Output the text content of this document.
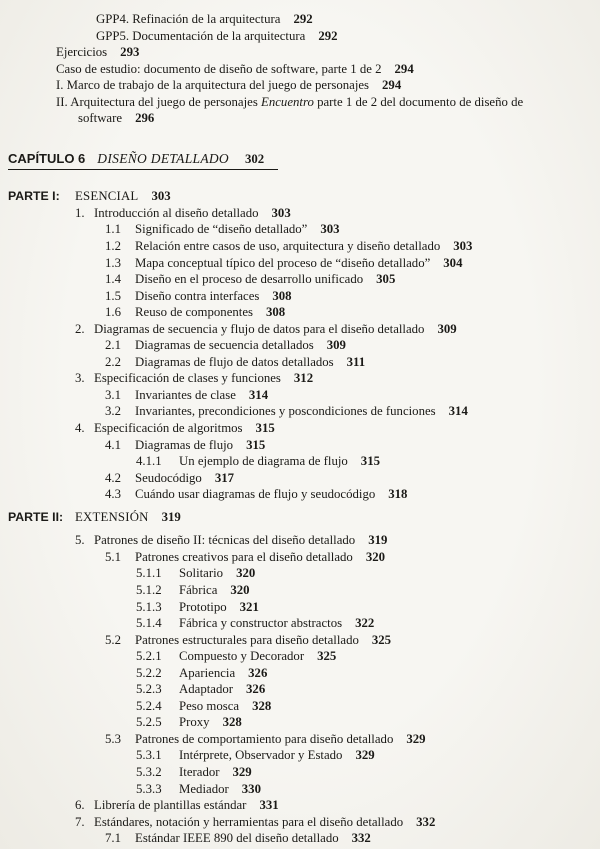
GPP4. Refinación de la arquitectura 292
GPP5. Documentación de la arquitectura 292
Ejercicios 293
Caso de estudio: documento de diseño de software, parte 1 de 2 294
I. Marco de trabajo de la arquitectura del juego de personajes 294
II. Arquitectura del juego de personajes Encuentro parte 1 de 2 del documento de diseño de software 296
CAPÍTULO 6 DISEÑO DETALLADO 302
PARTE I: ESENCIAL 303
1. Introducción al diseño detallado 303
1.1 Significado de “diseño detallado” 303
1.2 Relación entre casos de uso, arquitectura y diseño detallado 303
1.3 Mapa conceptual típico del proceso de “diseño detallado” 304
1.4 Diseño en el proceso de desarrollo unificado 305
1.5 Diseño contra interfaces 308
1.6 Reuso de componentes 308
2. Diagramas de secuencia y flujo de datos para el diseño detallado 309
2.1 Diagramas de secuencia detallados 309
2.2 Diagramas de flujo de datos detallados 311
3. Especificación de clases y funciones 312
3.1 Invariantes de clase 314
3.2 Invariantes, precondiciones y poscondiciones de funciones 314
4. Especificación de algoritmos 315
4.1 Diagramas de flujo 315
4.1.1 Un ejemplo de diagrama de flujo 315
4.2 Seudocódigo 317
4.3 Cuándo usar diagramas de flujo y seudocódigo 318
PARTE II: EXTENSIÓN 319
5. Patrones de diseño II: técnicas del diseño detallado 319
5.1 Patrones creativos para el diseño detallado 320
5.1.1 Solitario 320
5.1.2 Fábrica 320
5.1.3 Prototipo 321
5.1.4 Fábrica y constructor abstractos 322
5.2 Patrones estructurales para diseño detallado 325
5.2.1 Compuesto y Decorador 325
5.2.2 Apariencia 326
5.2.3 Adaptador 326
5.2.4 Peso mosca 328
5.2.5 Proxy 328
5.3 Patrones de comportamiento para diseño detallado 329
5.3.1 Intérprete, Observador y Estado 329
5.3.2 Iterador 329
5.3.3 Mediador 330
6. Librería de plantillas estándar 331
7. Estándares, notación y herramientas para el diseño detallado 332
7.1 Estándar IEEE 890 del diseño detallado 332
